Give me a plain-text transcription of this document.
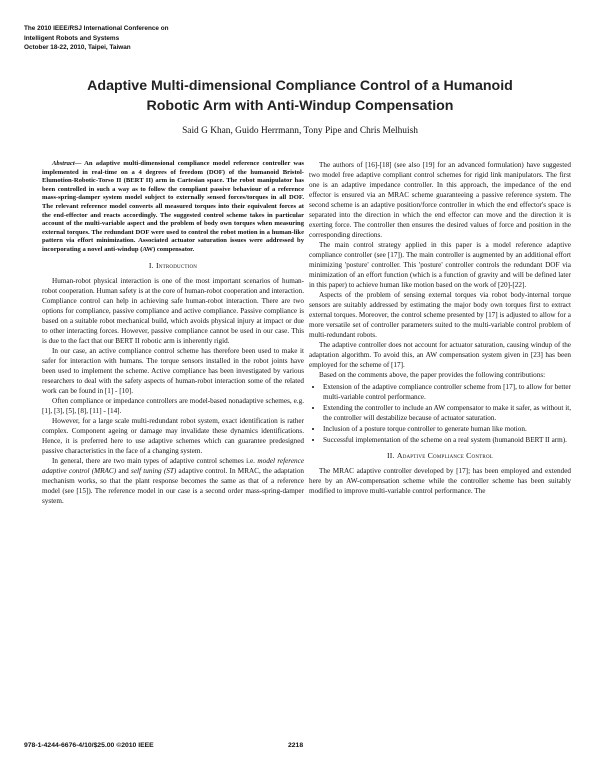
The 2010 IEEE/RSJ International Conference on
Intelligent Robots and Systems
October 18-22, 2010, Taipei, Taiwan
Adaptive Multi-dimensional Compliance Control of a Humanoid
Robotic Arm with Anti-Windup Compensation
Said G Khan, Guido Herrmann, Tony Pipe and Chris Melhuish

Abstract— An adaptive multi-dimensional compliance model reference controller was implemented in real-time on a 4 degrees of freedom (DOF) of the humanoid Bristol-Elumotion-Robotic-Torso II (BERT II) arm in Cartesian space. The robot manipulator has been controlled in such a way as to follow the compliant passive behaviour of a reference mass-spring-damper system model subject to externally sensed forces/torques in all DOF. The relevant reference model converts all measured torques into their equivalent forces at the end-effector and reacts accordingly. The suggested control scheme takes in particular account of the multi-variable aspect and the problem of body own torques when measuring external torques. The redundant DOF were used to control the robot motion in a human-like pattern via effort minimization. Associated actuator saturation issues were addressed by incorporating a novel anti-windup (AW) compensator.

I. Introduction

Human-robot physical interaction is one of the most important scenarios of human-robot cooperation. Human safety is at the core of human-robot cooperation and interaction. Compliance control can help in achieving safe human-robot interaction. There are two options for compliance, passive compliance and active compliance. Passive compliance is based on a suitable robot mechanical build, which avoids physical injury at impact or due to other interacting forces. However, passive compliance cannot be used in our case. This is due to the fact that our BERT II robotic arm is inherently rigid.

In our case, an active compliance control scheme has therefore been used to make it safer for interaction with humans. The torque sensors installed in the robot joints have been used to implement the scheme. Active compliance has been investigated by various researchers to deal with the safety aspects of human-robot interaction some of the related work can be found in [1] - [10].

Often compliance or impedance controllers are model-based nonadaptive schemes, e.g. [1], [3], [5], [8], [11] - [14].

However, for a large scale multi-redundant robot system, exact identification is rather complex. Component ageing or damage may invalidate these dynamics identifications. Hence, it is preferred here to use adaptive schemes which can guarantee predesigned passive characteristics in the face of a changing system.

In general, there are two main types of adaptive control schemes i.e. model reference adaptive control (MRAC) and self tuning (ST) adaptive control. In MRAC, the adaptation mechanism works, so that the plant response becomes the same as that of a reference model (see [15]). The reference model in our case is a second order mass-spring-damper system.

The authors of [16]-[18] (see also [19] for an advanced formulation) have suggested two model free adaptive compliant control schemes for rigid link manipulators. The first one is an adaptive impedance controller. In this approach, the impedance of the end effector is ensured via an MRAC scheme guaranteeing a passive reference system. The second scheme is an adaptive position/force controller in which the end effector's space is separated into the direction in which the end effector can move and the direction it is exerting force. The controller then ensures the desired values of force and position in the corresponding directions.

The main control strategy applied in this paper is a model reference adaptive compliance controller (see [17]). The main controller is augmented by an additional effort minimizing 'posture' controller. This 'posture' controller controls the redundant DOF via minimization of an effort function (which is a function of gravity and will be defined later in this paper) to achieve human like motion based on the work of [20]-[22].

Aspects of the problem of sensing external torques via robot body-internal torque sensors are suitably addressed by estimating the major body own torques first to extract external torques. Moreover, the control scheme presented by [17] is adjusted to allow for a more versatile set of controller parameters suited to the multi-variable control problem of multi-redundant robots.

The adaptive controller does not account for actuator saturation, causing windup of the adaptation algorithm. To avoid this, an AW compensation system given in [23] has been employed for the scheme of [17].

Based on the comments above, the paper provides the following contributions:

• Extension of the adaptive compliance controller scheme from [17], to allow for better multi-variable control performance.
• Extending the controller to include an AW compensator to make it safer, as without it, the controller will destabilize because of actuator saturation.
• Inclusion of a posture torque controller to generate human like motion.
• Successful implementation of the scheme on a real system (humanoid BERT II arm).
II. Adaptive Compliance Control

The MRAC adaptive controller developed by [17]; has been employed and extended here by an AW-compensation scheme while the controller scheme has been suitably modified to improve multi-variable control performance. The

978-1-4244-6676-4/10/$25.00 ©2010 IEEE	2218
